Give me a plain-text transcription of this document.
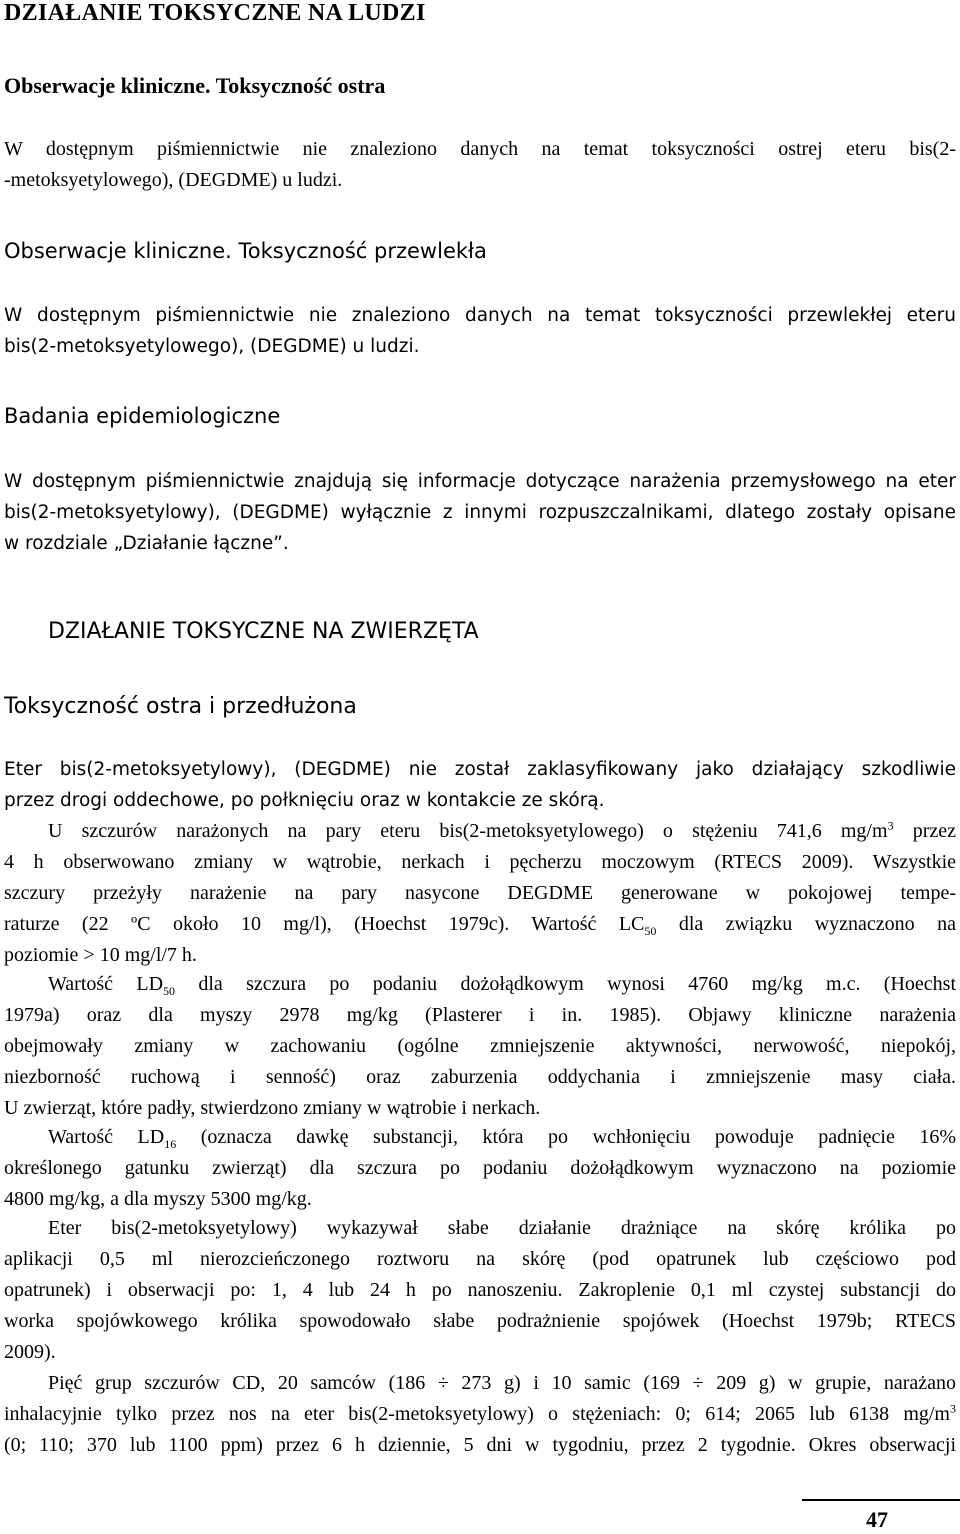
DZIAŁANIE TOKSYCZNE NA LUDZI
Obserwacje kliniczne. Toksyczność ostra

W dostępnym piśmiennictwie nie znaleziono danych na temat toksyczności ostrej eteru bis(2-
-metoksyetylowego), (DEGDME) u ludzi.

Obserwacje kliniczne. Toksyczność przewlekła

W dostępnym piśmiennictwie nie znaleziono danych na temat toksyczności przewlekłej eteru
bis(2-metoksyetylowego), (DEGDME) u ludzi.

Badania epidemiologiczne

W dostępnym piśmiennictwie znajdują się informacje dotyczące narażenia przemysłowego na eter
bis(2-metoksyetylowy), (DEGDME) wyłącznie z innymi rozpuszczalnikami, dlatego zostały opisane
w rozdziale „Działanie łączne”.

DZIAŁANIE TOKSYCZNE NA ZWIERZĘTA
Toksyczność ostra i przedłużona

Eter bis(2-metoksyetylowy), (DEGDME) nie został zaklasyfikowany jako działający szkodliwie
przez drogi oddechowe, po połknięciu oraz w kontakcie ze skórą.

U szczurów narażonych na pary eteru bis(2-metoksyetylowego) o stężeniu 741,6 $mg/m^3$ przez
4 h obserwowano zmiany w wątrobie, nerkach i pęcherzu moczowym (RTECS 2009). Wszystkie
szczury przeżyły narażenie na pary nasycone DEGDME generowane w pokojowej tempe-
raturze (22 ºC około 10 mg/l), (Hoechst 1979c). Wartość $LC_{50}$ dla związku wyznaczono na
poziomie > 10 mg/l/7 h.

Wartość $LD_{50}$ dla szczura po podaniu dożołądkowym wynosi 4760 mg/kg m.c. (Hoechst
1979a) oraz dla myszy 2978 mg/kg (Plasterer i in. 1985). Objawy kliniczne narażenia
obejmowały zmiany w zachowaniu (ogólne zmniejszenie aktywności, nerwowość, niepokój,
niezborność ruchową i senność) oraz zaburzenia oddychania i zmniejszenie masy ciała.
U zwierząt, które padły, stwierdzono zmiany w wątrobie i nerkach.

Wartość $LD_{16}$ (oznacza dawkę substancji, która po wchłonięciu powoduje padnięcie 16%
określonego gatunku zwierząt) dla szczura po podaniu dożołądkowym wyznaczono na poziomie
4800 mg/kg, a dla myszy 5300 mg/kg.

Eter bis(2-metoksyetylowy) wykazywał słabe działanie drażniące na skórę królika po
aplikacji 0,5 ml nierozcieńczonego roztworu na skórę (pod opatrunek lub częściowo pod
opatrunek) i obserwacji po: 1, 4 lub 24 h po nanoszeniu. Zakroplenie 0,1 ml czystej substancji do
worka spojówkowego królika spowodowało słabe podrażnienie spojówek (Hoechst 1979b; RTECS
2009).

Pięć grup szczurów CD, 20 samców (186 ÷ 273 g) i 10 samic (169 ÷ 209 g) w grupie, narażano
inhalacyjnie tylko przez nos na eter bis(2-metoksyetylowy) o stężeniach: 0; 614; 2065 lub 6138 $mg/m^3$
(0; 110; 370 lub 1100 ppm) przez 6 h dziennie, 5 dni w tygodniu, przez 2 tygodnie. Okres obserwacji

47
